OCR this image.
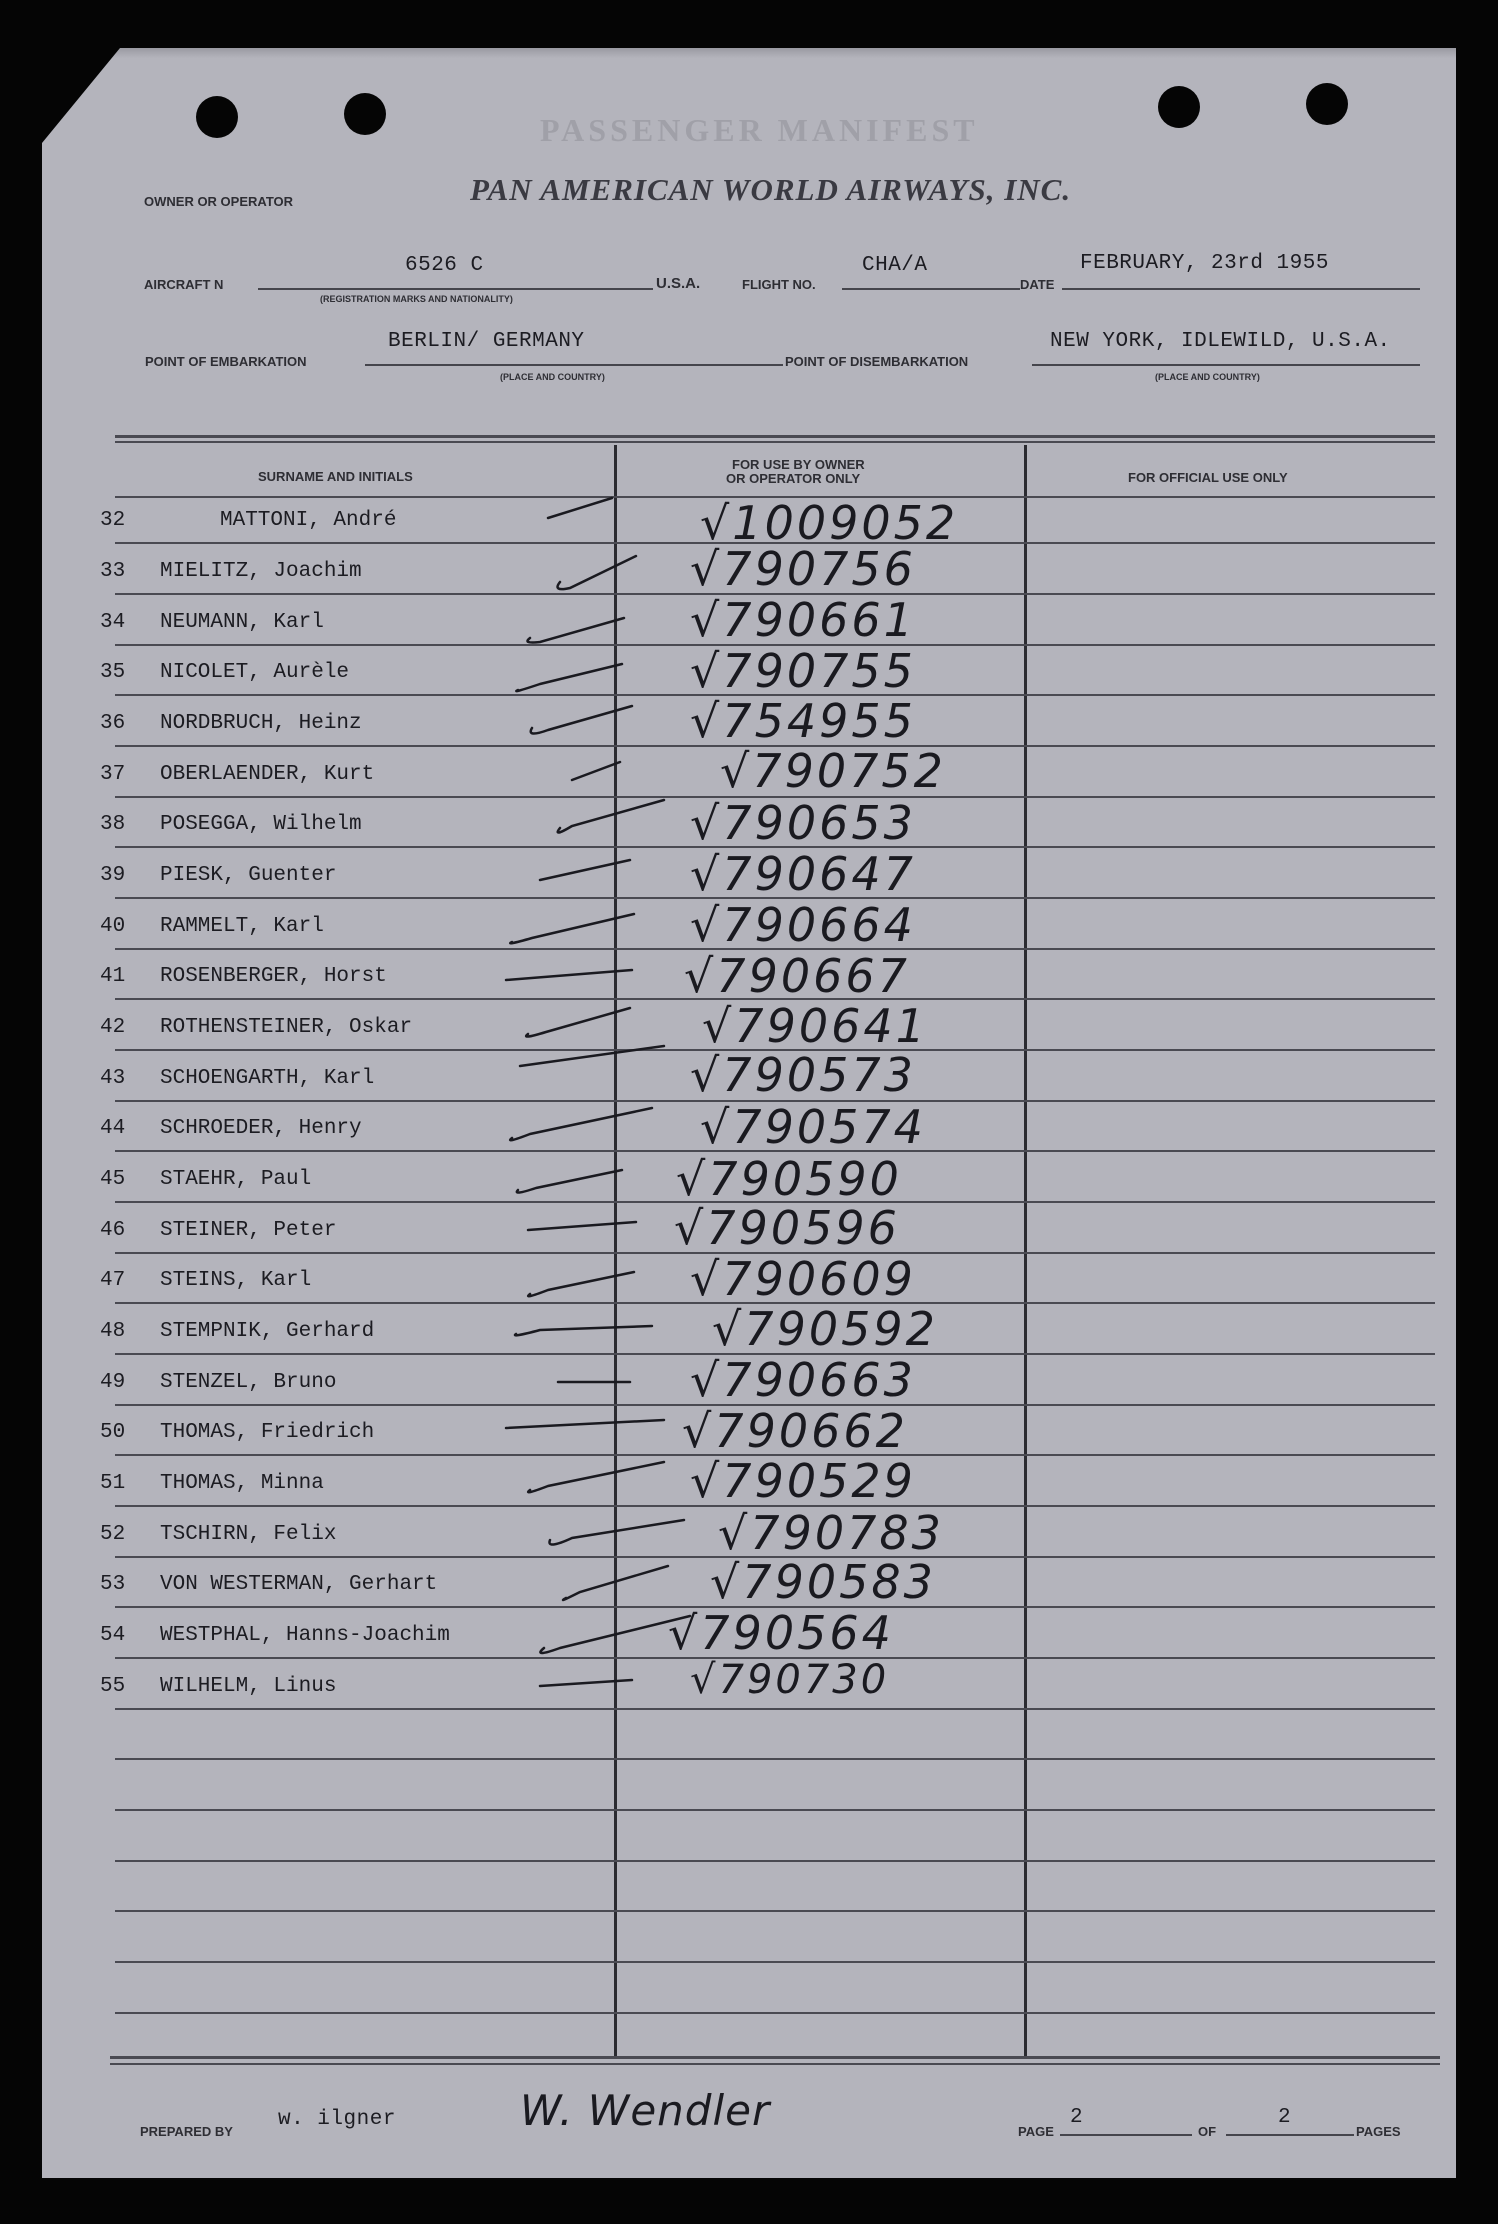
PASSENGER MANIFEST
OWNER OR OPERATOR	PAN AMERICAN WORLD AIRWAYS, INC.
AIRCRAFT N
6526 C
(REGISTRATION MARKS AND NATIONALITY)
U.S.A.	FLIGHT NO.
CHA/A
DATE
FEBRUARY, 23rd 1955
POINT OF EMBARKATION
BERLIN/ GERMANY
(PLACE AND COUNTRY)
POINT OF DISEMBARKATION
NEW YORK, IDLEWILD, U.S.A.
(PLACE AND COUNTRY)
SURNAME AND INITIALS
FOR USE BY OWNER
OR OPERATOR ONLY	FOR OFFICIAL USE ONLY
32	MATTONI, André	√1009052
33	MIELITZ, Joachim	√790756
34	NEUMANN, Karl	√790661
35	NICOLET, Aurèle	√790755
36	NORDBRUCH, Heinz	√754955
37	OBERLAENDER, Kurt	√790752
38	POSEGGA, Wilhelm	√790653
39	PIESK, Guenter	√790647
40	RAMMELT, Karl	√790664
41	ROSENBERGER, Horst	√790667
42	ROTHENSTEINER, Oskar	√790641
43	SCHOENGARTH, Karl	√790573
44	SCHROEDER, Henry	√790574
45	STAEHR, Paul	√790590
46	STEINER, Peter	√790596
47	STEINS, Karl	√790609
48	STEMPNIK, Gerhard	√790592
49	STENZEL, Bruno	√790663
50	THOMAS, Friedrich	√790662
51	THOMAS, Minna	√790529
52	TSCHIRN, Felix	√790783
53	VON WESTERMAN, Gerhart	√790583
54	WESTPHAL, Hanns-Joachim	√790564
55	WILHELM, Linus	√790730
PREPARED BY
w. ilgner	W. Wendler	PAGE
2
OF
2
PAGES
